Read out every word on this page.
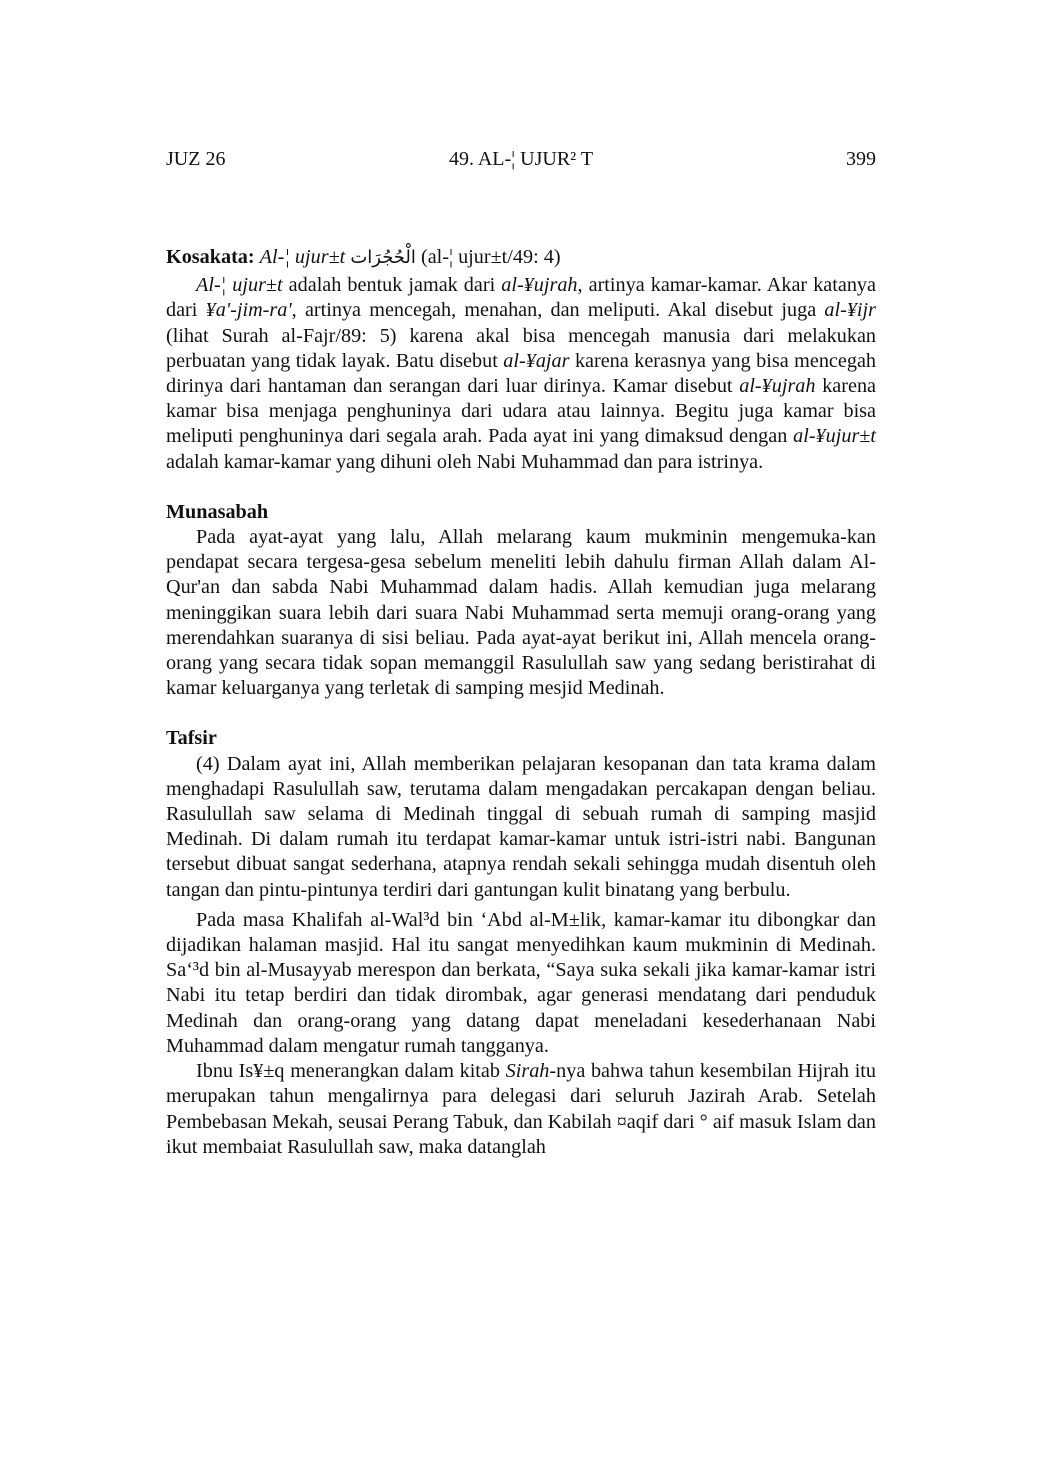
JUZ 26	49. AL-¦ UJUR² T	399
Kosakata: Al-¦ ujur±t الْحُجُرَات (al-¦ ujur±t/49: 4)

Al-¦ ujur±t adalah bentuk jamak dari al-¥ujrah, artinya kamar-kamar. Akar katanya dari ¥a'-jim-ra', artinya mencegah, menahan, dan meliputi. Akal disebut juga al-¥ijr (lihat Surah al-Fajr/89: 5) karena akal bisa mencegah manusia dari melakukan perbuatan yang tidak layak. Batu disebut al-¥ajar karena kerasnya yang bisa mencegah dirinya dari hantaman dan serangan dari luar dirinya. Kamar disebut al-¥ujrah karena kamar bisa menjaga penghuninya dari udara atau lainnya. Begitu juga kamar bisa meliputi penghuninya dari segala arah. Pada ayat ini yang dimaksud dengan al-¥ujur±t adalah kamar-kamar yang dihuni oleh Nabi Muhammad dan para istrinya.

Munasabah

Pada ayat-ayat yang lalu, Allah melarang kaum mukminin mengemuka-kan pendapat secara tergesa-gesa sebelum meneliti lebih dahulu firman Allah dalam Al-Qur'an dan sabda Nabi Muhammad dalam hadis. Allah kemudian juga melarang meninggikan suara lebih dari suara Nabi Muhammad serta memuji orang-orang yang merendahkan suaranya di sisi beliau. Pada ayat-ayat berikut ini, Allah mencela orang-orang yang secara tidak sopan memanggil Rasulullah saw yang sedang beristirahat di kamar keluarganya yang terletak di samping mesjid Medinah.

Tafsir

(4) Dalam ayat ini, Allah memberikan pelajaran kesopanan dan tata krama dalam menghadapi Rasulullah saw, terutama dalam mengadakan percakapan dengan beliau. Rasulullah saw selama di Medinah tinggal di sebuah rumah di samping masjid Medinah. Di dalam rumah itu terdapat kamar-kamar untuk istri-istri nabi. Bangunan tersebut dibuat sangat sederhana, atapnya rendah sekali sehingga mudah disentuh oleh tangan dan pintu-pintunya terdiri dari gantungan kulit binatang yang berbulu.

Pada masa Khalifah al-Wal³d bin ‘Abd al-M±lik, kamar-kamar itu dibongkar dan dijadikan halaman masjid. Hal itu sangat menyedihkan kaum mukminin di Medinah. Sa‘³d bin al-Musayyab merespon dan berkata, “Saya suka sekali jika kamar-kamar istri Nabi itu tetap berdiri dan tidak dirombak, agar generasi mendatang dari penduduk Medinah dan orang-orang yang datang dapat meneladani kesederhanaan Nabi Muhammad dalam mengatur rumah tangganya.

Ibnu Is¥±q menerangkan dalam kitab Sirah-nya bahwa tahun kesembilan Hijrah itu merupakan tahun mengalirnya para delegasi dari seluruh Jazirah Arab. Setelah Pembebasan Mekah, seusai Perang Tabuk, dan Kabilah ¤aqif dari ° aif masuk Islam dan ikut membaiat Rasulullah saw, maka datanglah
